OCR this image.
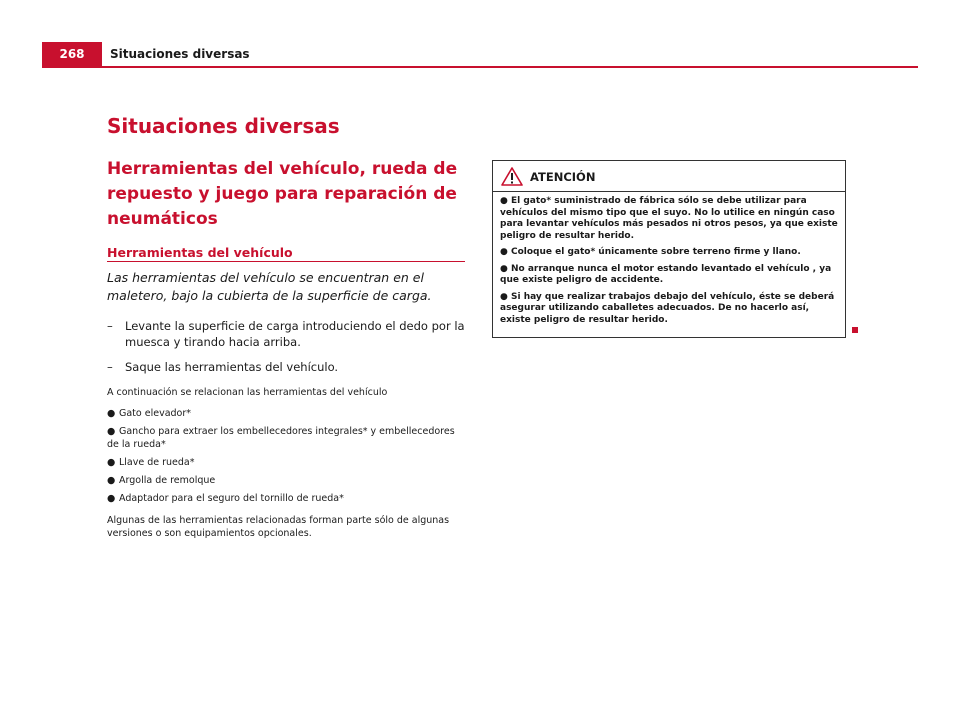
268	Situaciones diversas
Situaciones diversas
Herramientas del vehículo, rueda de repuesto y juego para reparación de neumáticos
Herramientas del vehículo

Las herramientas del vehículo se encuentran en el maletero, bajo la cubierta de la superficie de carga.

– Levante la superficie de carga introduciendo el dedo por la muesca y tirando hacia arriba.
– Saque las herramientas del vehículo.

A continuación se relacionan las herramientas del vehículo

● Gato elevador*
● Gancho para extraer los embellecedores integrales* y embellecedores de la rueda*
● Llave de rueda*
● Argolla de remolque
● Adaptador para el seguro del tornillo de rueda*

Algunas de las herramientas relacionadas forman parte sólo de algunas versiones o son equipamientos opcionales.

ATENCIÓN
● El gato* suministrado de fábrica sólo se debe utilizar para vehículos del mismo tipo que el suyo. No lo utilice en ningún caso para levantar vehículos más pesados ni otros pesos, ya que existe peligro de resultar herido.
● Coloque el gato* únicamente sobre terreno firme y llano.
● No arranque nunca el motor estando levantado el vehículo , ya que existe peligro de accidente.
● Si hay que realizar trabajos debajo del vehículo, éste se deberá asegurar utilizando caballetes adecuados. De no hacerlo así, existe peligro de resultar herido.
